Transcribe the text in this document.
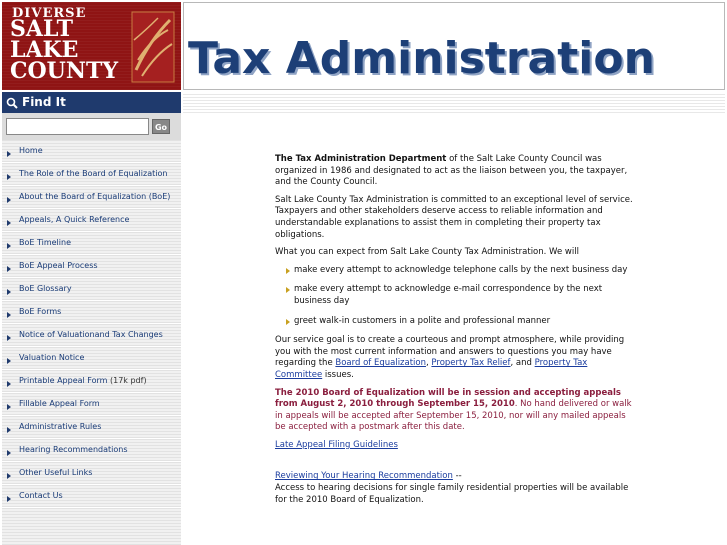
DIVERSE
SALT
LAKE
COUNTY Tax Administration
Find It
Go
Home
The Role of the Board of Equalization
About the Board of Equalization (BoE)
Appeals, A Quick Reference
BoE Timeline
BoE Appeal Process
BoE Glossary
BoE Forms
Notice of Valuationand Tax Changes
Valuation Notice
Printable Appeal Form (17k pdf)
Fillable Appeal Form
Administrative Rules
Hearing Recommendations
Other Useful Links
Contact Us

The Tax Administration Department of the Salt Lake County Council was organized in 1986 and designated to act as the liaison between you, the taxpayer, and the County Council.

Salt Lake County Tax Administration is committed to an exceptional level of service. Taxpayers and other stakeholders deserve access to reliable information and understandable explanations to assist them in completing their property tax obligations.

What you can expect from Salt Lake County Tax Administration. We will

make every attempt to acknowledge telephone calls by the next business day
make every attempt to acknowledge e-mail correspondence by the next business day
greet walk-in customers in a polite and professional manner

Our service goal is to create a courteous and prompt atmosphere, while providing you with the most current information and answers to questions you may have regarding the Board of Equalization, Property Tax Relief, and Property Tax Committee issues.

The 2010 Board of Equalization will be in session and accepting appeals from August 2, 2010 through September 15, 2010. No hand delivered or walk in appeals will be accepted after September 15, 2010, nor will any mailed appeals be accepted with a postmark after this date.

Late Appeal Filing Guidelines

Reviewing Your Hearing Recommendation --
Access to hearing decisions for single family residential properties will be available for the 2010 Board of Equalization.
